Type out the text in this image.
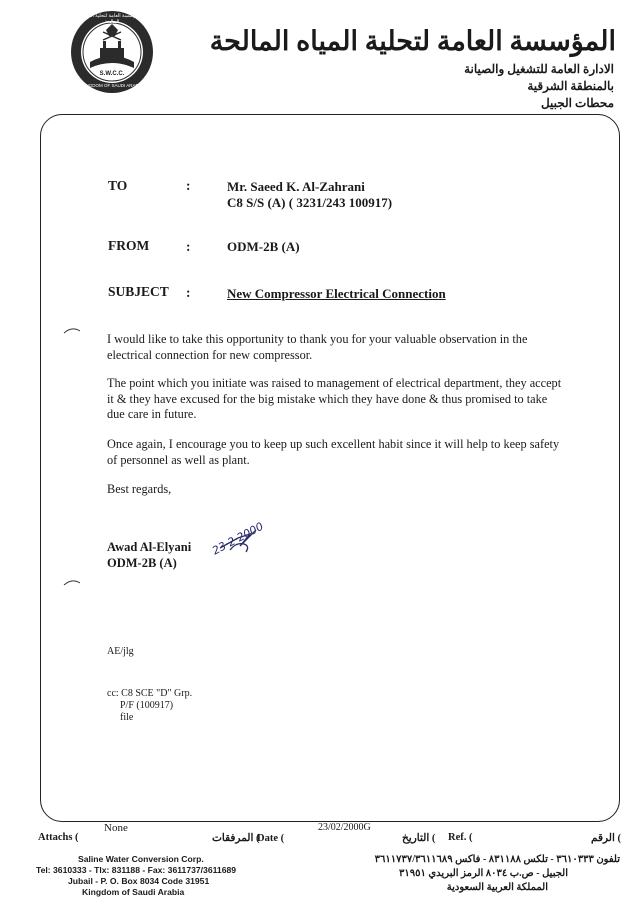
S.W.C.C.
KINGDOM OF SAUDI ARABIA
المؤسسة العامة لتحلية المياه المالحة
المؤسسة العامة لتحلية المياه المالحة
الادارة العامة للتشغيل والصيانة
بالمنطقة الشرقية
محطات الجبيل
TO	:	Mr. Saeed K. Al-Zahrani
C8 S/S (A) ( 3231/243 100917)
FROM	:	ODM-2B (A)
SUBJECT :	New Compressor Electrical Connection
I would like to take this opportunity to thank you for your valuable observation in the electrical connection for new compressor.
The point which you initiate was raised to management of electrical department, they accept it & they have excused for the big mistake which they have done & thus promised to take due care in future.
Once again, I encourage you to keep up such excellent habit since it will help to keep safety of personnel as well as plant.
Best regards,
Awad Al-Elyani
ODM-2B (A)
23·2·2000
AE/jlg
cc: C8 SCE "D" Grp.
P/F (100917)
file
Attachs (
None
) المرفقات
Date (
23/02/2000G
) التاريخ Ref. (	) الرقم
Saline Water Conversion Corp.
Tel: 3610333 - Tlx: 831188 - Fax: 3611737/3611689
Jubail - P. O. Box 8034 Code 31951
Kingdom of Saudi Arabia
تلفون ٣٦١٠٣٣٣ - تلكس ٨٣١١٨٨ - فاكس ٣٦١١٧٣٧/٣٦١١٦٨٩
الجبيل - ص.ب ٨٠٣٤ الرمز البريدي ٣١٩٥١
المملكة العربية السعودية
